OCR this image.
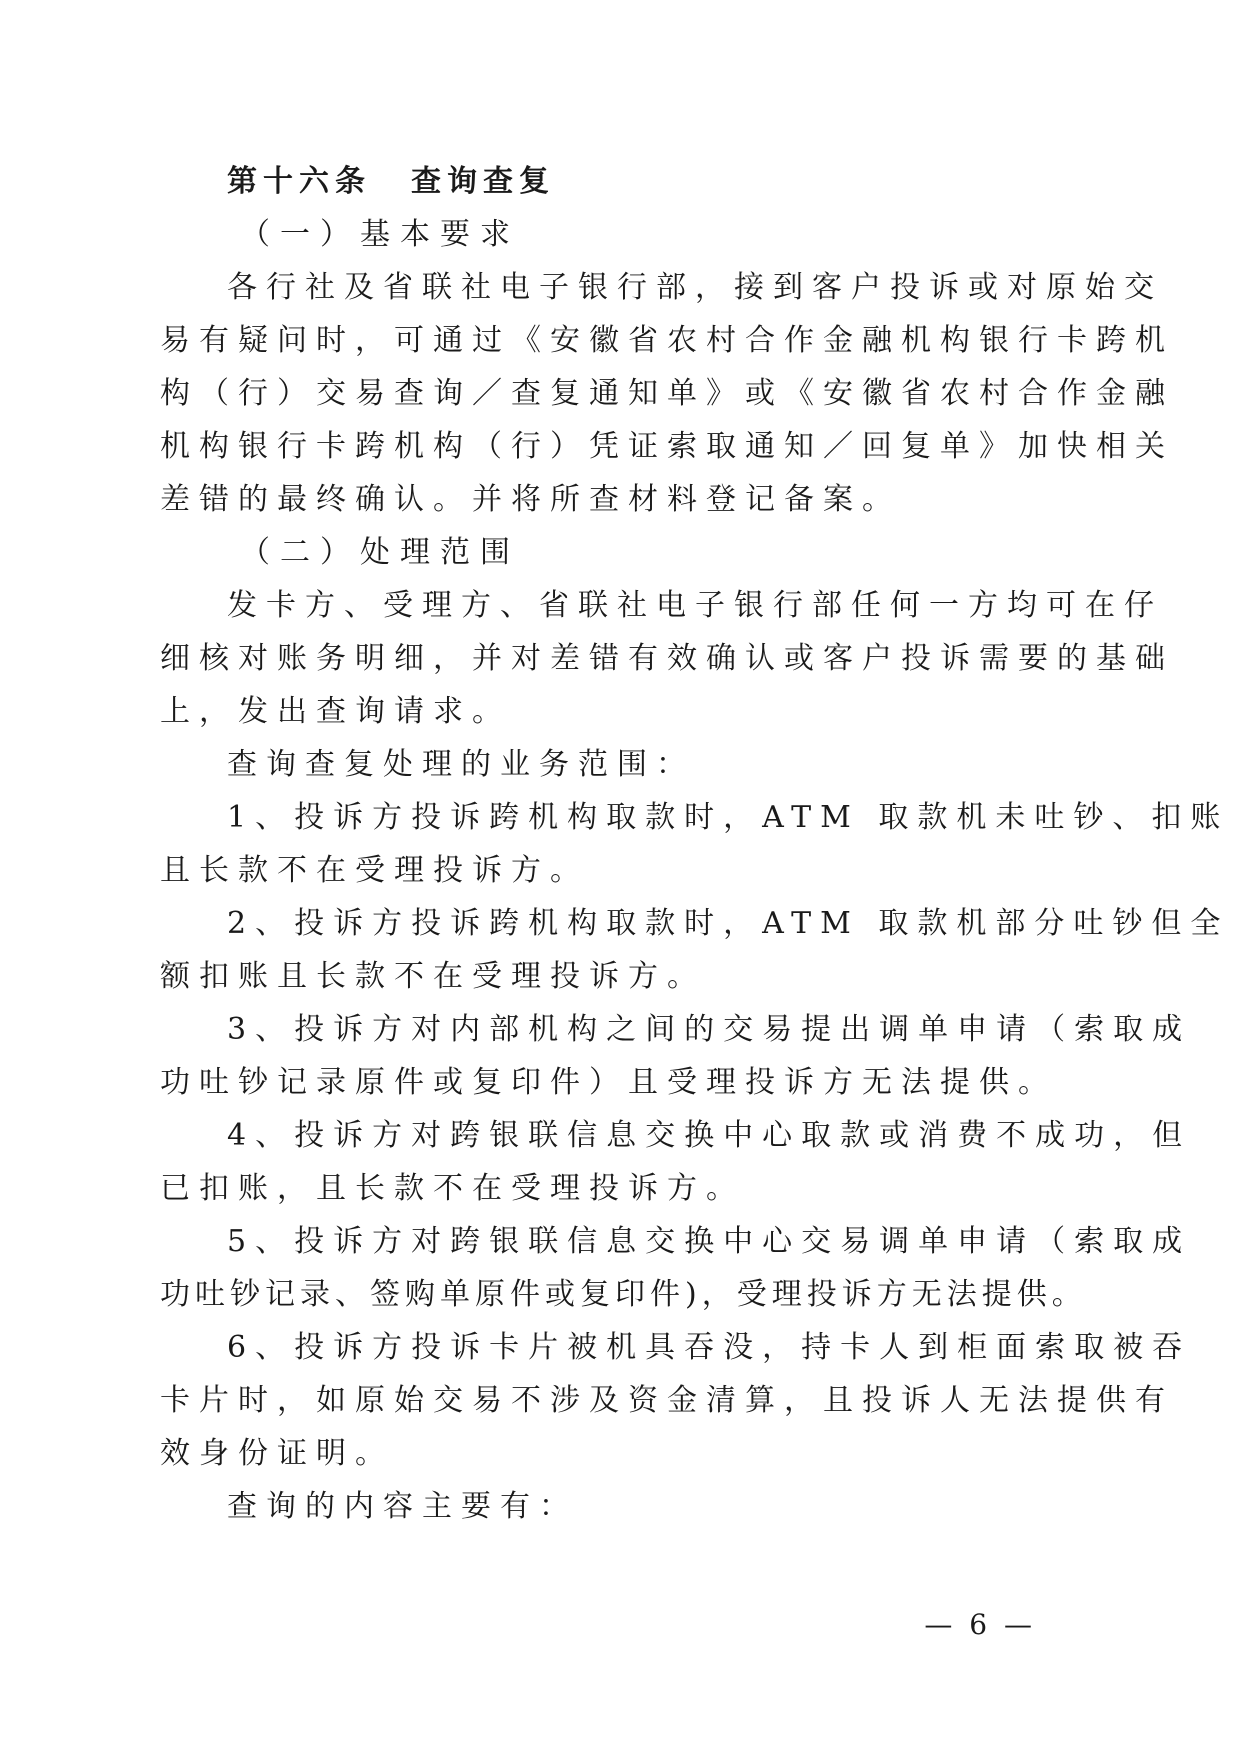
第十六条 查询查复

（一）基本要求

各行社及省联社电子银行部，接到客户投诉或对原始交

易有疑问时，可通过《安徽省农村合作金融机构银行卡跨机

构（行）交易查询／查复通知单》或《安徽省农村合作金融

机构银行卡跨机构（行）凭证索取通知／回复单》加快相关

差错的最终确认。并将所查材料登记备案。

（二）处理范围

发卡方、受理方、省联社电子银行部任何一方均可在仔

细核对账务明细，并对差错有效确认或客户投诉需要的基础

上，发出查询请求。

查询查复处理的业务范围：

1、投诉方投诉跨机构取款时，ATM 取款机未吐钞、扣账

且长款不在受理投诉方。

2、投诉方投诉跨机构取款时，ATM 取款机部分吐钞但全

额扣账且长款不在受理投诉方。

3、投诉方对内部机构之间的交易提出调单申请（索取成

功吐钞记录原件或复印件）且受理投诉方无法提供。

4、投诉方对跨银联信息交换中心取款或消费不成功，但

已扣账，且长款不在受理投诉方。

5、投诉方对跨银联信息交换中心交易调单申请（索取成

功吐钞记录、签购单原件或复印件)，受理投诉方无法提供。

6、投诉方投诉卡片被机具吞没，持卡人到柜面索取被吞

卡片时，如原始交易不涉及资金清算，且投诉人无法提供有

效身份证明。

查询的内容主要有：

— 6 —
